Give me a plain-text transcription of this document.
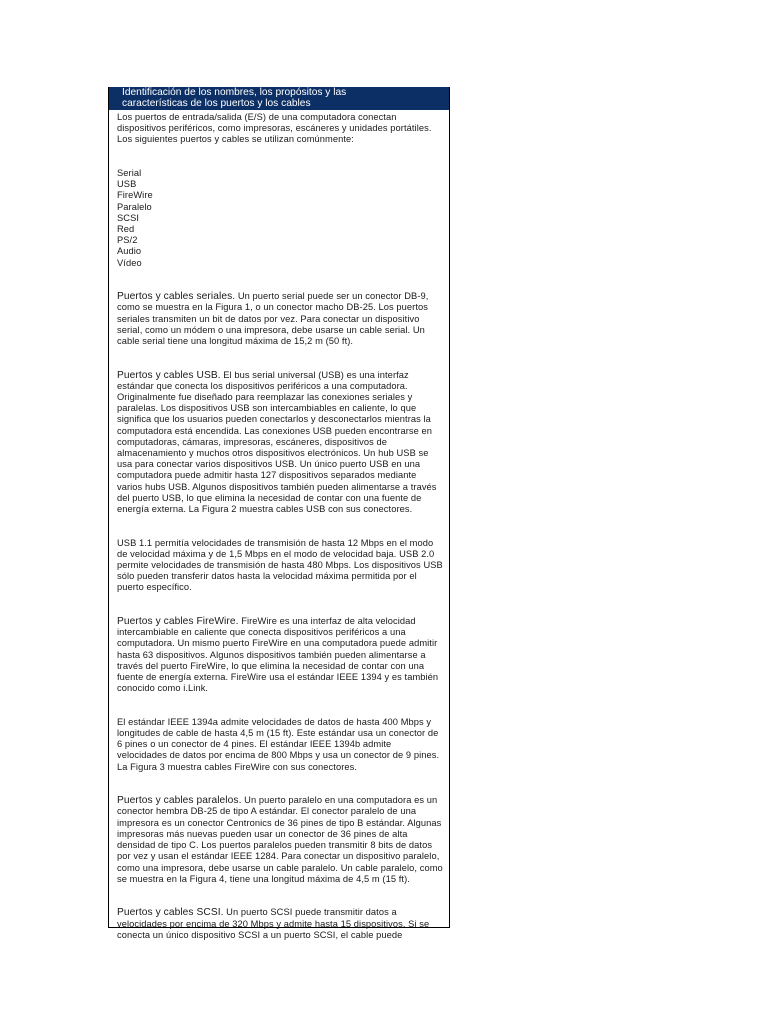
Identificación de los nombres, los propósitos y las
características de los puertos y los cables

Los puertos de entrada/salida (E/S) de una computadora conectan dispositivos periféricos, como impresoras, escáneres y unidades portátiles. Los siguientes puertos y cables se utilizan comúnmente:

Serial
USB
FireWire
Paralelo
SCSI
Red
PS/2
Audio
Vídeo

Puertos y cables seriales. Un puerto serial puede ser un conector DB-9, como se muestra en la Figura 1, o un conector macho DB-25. Los puertos seriales transmiten un bit de datos por vez. Para conectar un dispositivo serial, como un módem o una impresora, debe usarse un cable serial. Un cable serial tiene una longitud máxima de 15,2 m (50 ft).

Puertos y cables USB. El bus serial universal (USB) es una interfaz estándar que conecta los dispositivos periféricos a una computadora. Originalmente fue diseñado para reemplazar las conexiones seriales y paralelas. Los dispositivos USB son intercambiables en caliente, lo que significa que los usuarios pueden conectarlos y desconectarlos mientras la computadora está encendida. Las conexiones USB pueden encontrarse en computadoras, cámaras, impresoras, escáneres, dispositivos de almacenamiento y muchos otros dispositivos electrónicos. Un hub USB se usa para conectar varios dispositivos USB. Un único puerto USB en una computadora puede admitir hasta 127 dispositivos separados mediante varios hubs USB. Algunos dispositivos también pueden alimentarse a través del puerto USB, lo que elimina la necesidad de contar con una fuente de energía externa. La Figura 2 muestra cables USB con sus conectores.

USB 1.1 permitía velocidades de transmisión de hasta 12 Mbps en el modo de velocidad máxima y de 1,5 Mbps en el modo de velocidad baja. USB 2.0 permite velocidades de transmisión de hasta 480 Mbps. Los dispositivos USB sólo pueden transferir datos hasta la velocidad máxima permitida por el puerto específico.

Puertos y cables FireWire. FireWire es una interfaz de alta velocidad intercambiable en caliente que conecta dispositivos periféricos a una computadora. Un mismo puerto FireWire en una computadora puede admitir hasta 63 dispositivos. Algunos dispositivos también pueden alimentarse a través del puerto FireWire, lo que elimina la necesidad de contar con una fuente de energía externa. FireWire usa el estándar IEEE 1394 y es también conocido como i.Link.

El estándar IEEE 1394a admite velocidades de datos de hasta 400 Mbps y longitudes de cable de hasta 4,5 m (15 ft). Este estándar usa un conector de 6 pines o un conector de 4 pines. El estándar IEEE 1394b admite velocidades de datos por encima de 800 Mbps y usa un conector de 9 pines. La Figura 3 muestra cables FireWire con sus conectores.

Puertos y cables paralelos. Un puerto paralelo en una computadora es un conector hembra DB-25 de tipo A estándar. El conector paralelo de una impresora es un conector Centronics de 36 pines de tipo B estándar. Algunas impresoras más nuevas pueden usar un conector de 36 pines de alta densidad de tipo C. Los puertos paralelos pueden transmitir 8 bits de datos por vez y usan el estándar IEEE 1284. Para conectar un dispositivo paralelo, como una impresora, debe usarse un cable paralelo. Un cable paralelo, como se muestra en la Figura 4, tiene una longitud máxima de 4,5 m (15 ft).

Puertos y cables SCSI. Un puerto SCSI puede transmitir datos a velocidades por encima de 320 Mbps y admite hasta 15 dispositivos. Si se conecta un único dispositivo SCSI a un puerto SCSI, el cable puede
